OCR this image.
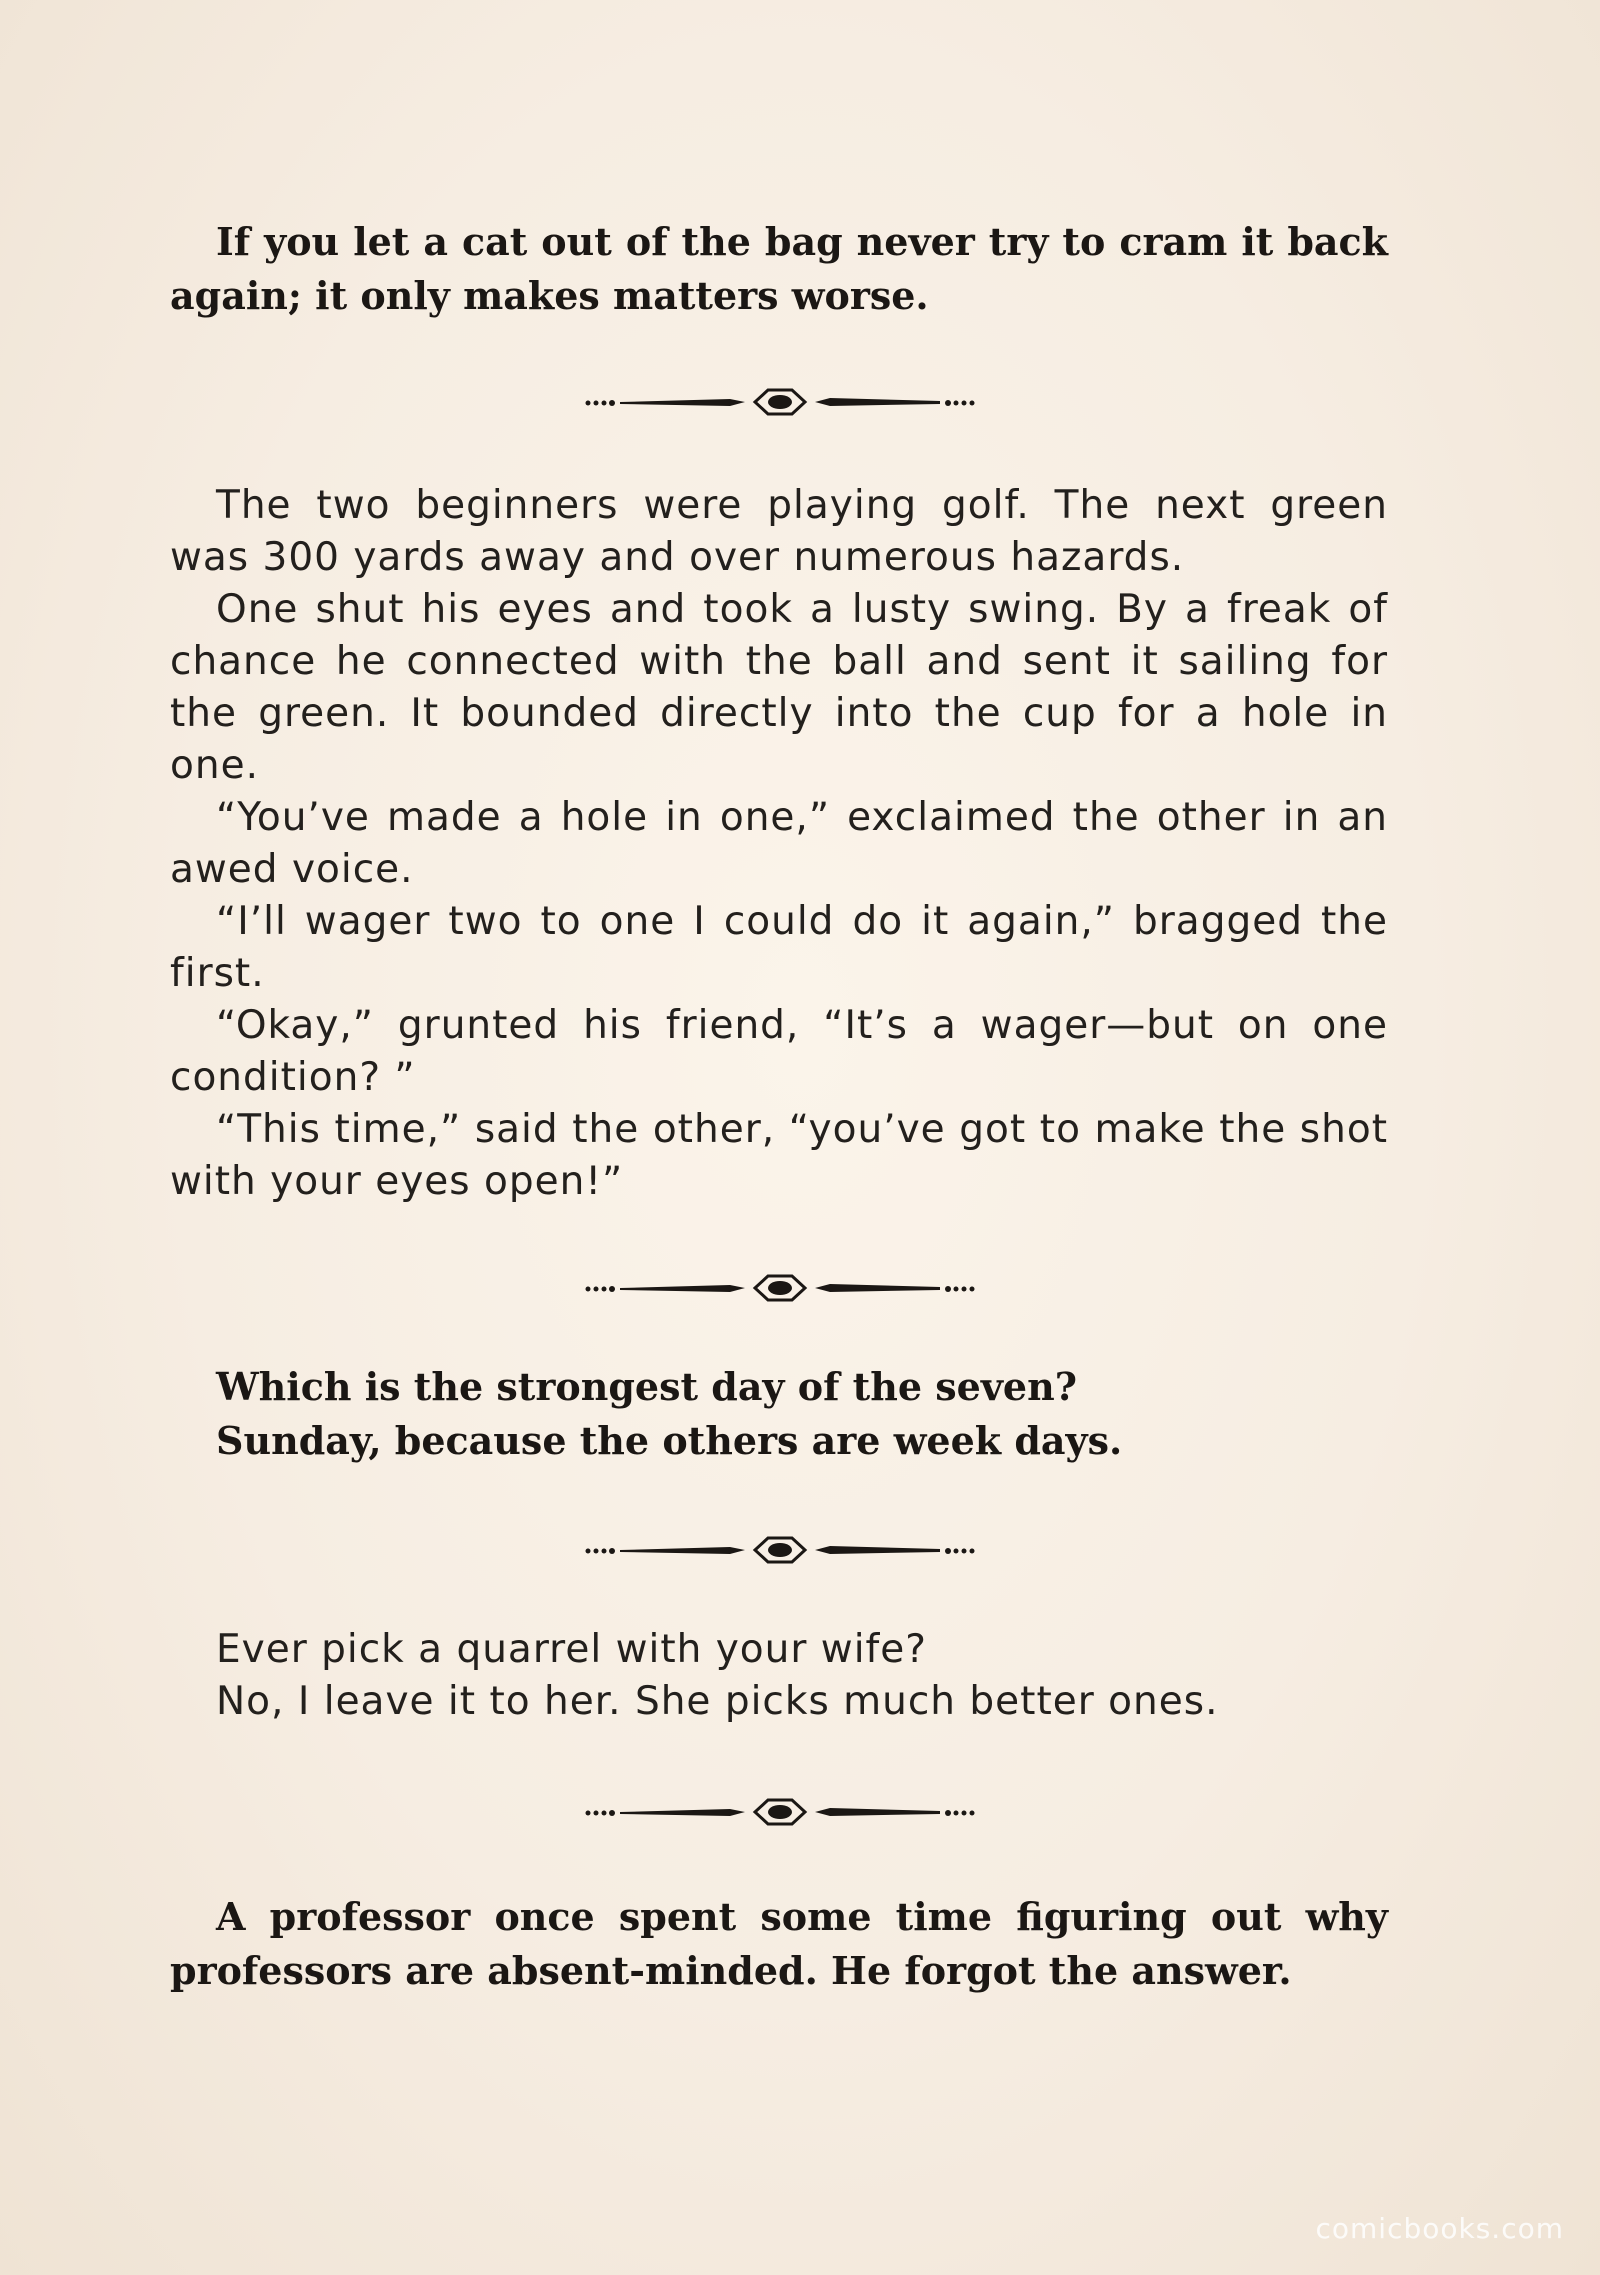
If you let a cat out of the bag never try to cram it back again; it only makes matters worse.

The two beginners were playing golf. The next green was 300 yards away and over numerous hazards.

One shut his eyes and took a lusty swing. By a freak of chance he connected with the ball and sent it sailing for the green. It bounded directly into the cup for a hole in one.

“You’ve made a hole in one,” exclaimed the other in an awed voice.

“I’ll wager two to one I could do it again,” bragged the first.

“Okay,” grunted his friend, “It’s a wager—but on one condition? ”

“This time,” said the other, “you’ve got to make the shot with your eyes open!”

Which is the strongest day of the seven?
Sunday, because the others are week days.
Ever pick a quarrel with your wife?
No, I leave it to her. She picks much better ones.

A professor once spent some time figuring out why professors are absent-minded. He forgot the answer.

comicbooks.com
